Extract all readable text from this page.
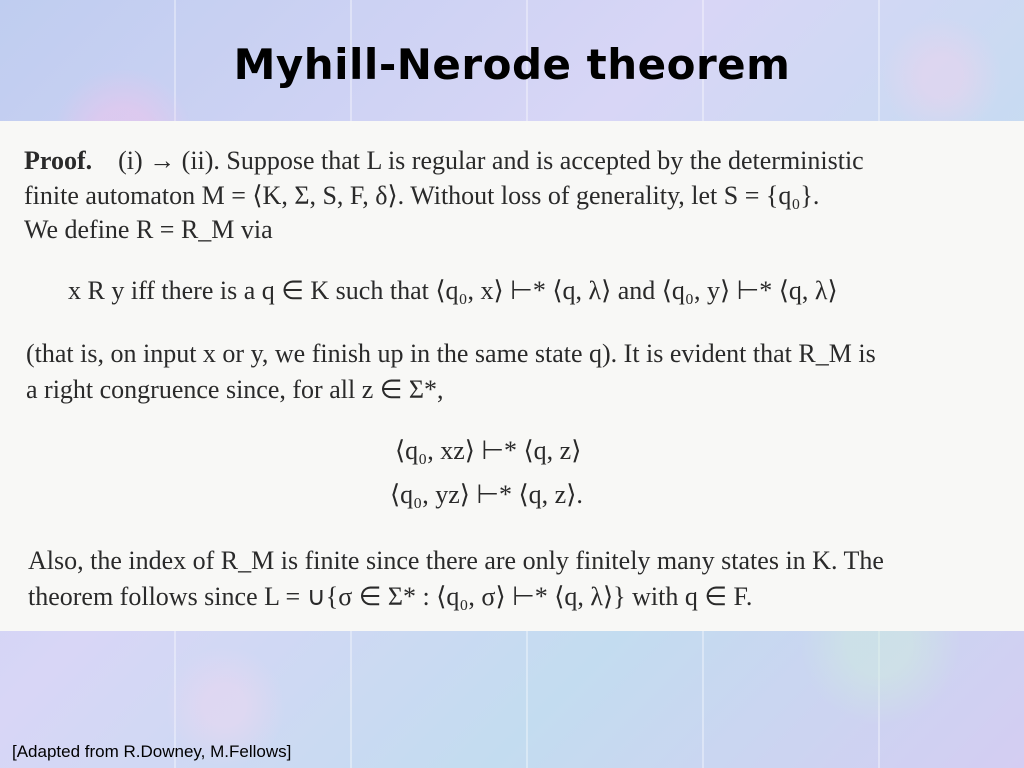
Myhill-Nerode theorem

Proof. (i) → (ii). Suppose that L is regular and is accepted by the deterministic

finite automaton M = ⟨K, Σ, S, F, δ⟩. Without loss of generality, let S = {q₀}.

We define R = R_M via

x R y iff there is a q ∈ K such that ⟨q₀, x⟩ ⊢* ⟨q, λ⟩ and ⟨q₀, y⟩ ⊢* ⟨q, λ⟩

(that is, on input x or y, we finish up in the same state q). It is evident that R_M is

a right congruence since, for all z ∈ Σ*,

⟨q₀, xz⟩ ⊢* ⟨q, z⟩

⟨q₀, yz⟩ ⊢* ⟨q, z⟩.

Also, the index of R_M is finite since there are only finitely many states in K. The

theorem follows since L = ∪{σ ∈ Σ* : ⟨q₀, σ⟩ ⊢* ⟨q, λ⟩} with q ∈ F.

[Adapted from R.Downey, M.Fellows]
